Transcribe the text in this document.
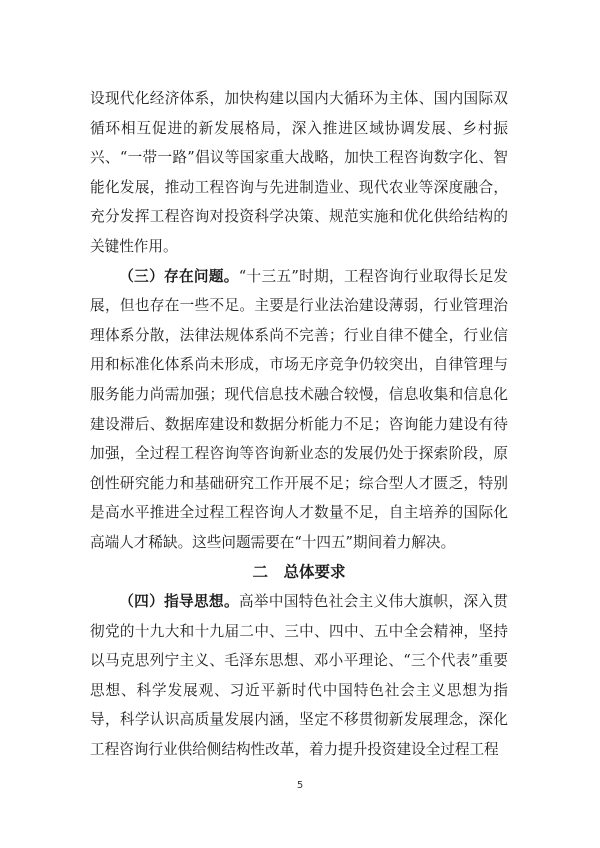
设现代化经济体系，加快构建以国内大循环为主体、国内国际双循环相互促进的新发展格局，深入推进区域协调发展、乡村振兴、“一带一路”倡议等国家重大战略，加快工程咨询数字化、智能化发展，推动工程咨询与先进制造业、现代农业等深度融合，充分发挥工程咨询对投资科学决策、规范实施和优化供给结构的关键性作用。

（三）存在问题。“十三五”时期，工程咨询行业取得长足发展，但也存在一些不足。主要是行业法治建设薄弱，行业管理治理体系分散，法律法规体系尚不完善；行业自律不健全，行业信用和标准化体系尚未形成，市场无序竞争仍较突出，自律管理与服务能力尚需加强；现代信息技术融合较慢，信息收集和信息化建设滞后、数据库建设和数据分析能力不足；咨询能力建设有待加强，全过程工程咨询等咨询新业态的发展仍处于探索阶段，原创性研究能力和基础研究工作开展不足；综合型人才匮乏，特别是高水平推进全过程工程咨询人才数量不足，自主培养的国际化高端人才稀缺。这些问题需要在“十四五”期间着力解决。

二　总体要求

（四）指导思想。高举中国特色社会主义伟大旗帜，深入贯彻党的十九大和十九届二中、三中、四中、五中全会精神，坚持以马克思列宁主义、毛泽东思想、邓小平理论、“三个代表”重要思想、科学发展观、习近平新时代中国特色社会主义思想为指导，科学认识高质量发展内涵，坚定不移贯彻新发展理念，深化工程咨询行业供给侧结构性改革，着力提升投资建设全过程工程

5
